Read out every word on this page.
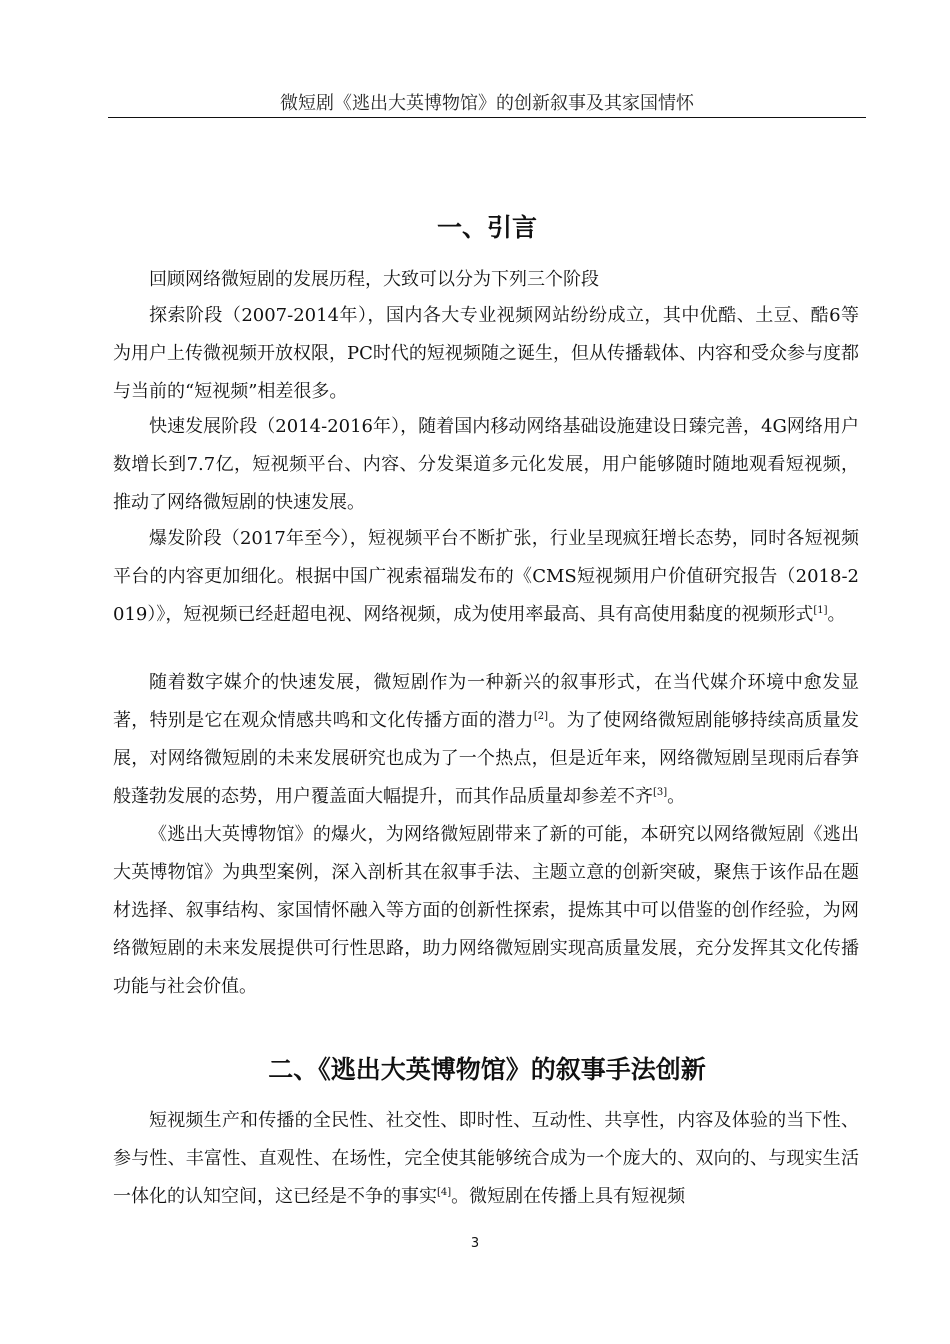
微短剧《逃出大英博物馆》的创新叙事及其家国情怀
一、引言

回顾网络微短剧的发展历程，大致可以分为下列三个阶段

探索阶段（2007-2014年），国内各大专业视频网站纷纷成立，其中优酷、土豆、酷6等为用户上传微视频开放权限，PC时代的短视频随之诞生，但从传播载体、内容和受众参与度都与当前的“短视频”相差很多。

快速发展阶段（2014-2016年），随着国内移动网络基础设施建设日臻完善，4G网络用户数增长到7.7亿，短视频平台、内容、分发渠道多元化发展，用户能够随时随地观看短视频，推动了网络微短剧的快速发展。

爆发阶段（2017年至今），短视频平台不断扩张，行业呈现疯狂增长态势，同时各短视频平台的内容更加细化。根据中国广视索福瑞发布的《CMS短视频用户价值研究报告（2018-2019）》，短视频已经赶超电视、网络视频，成为使用率最高、具有高使用黏度的视频形式[1]。

随着数字媒介的快速发展，微短剧作为一种新兴的叙事形式，在当代媒介环境中愈发显著，特别是它在观众情感共鸣和文化传播方面的潜力[2]。为了使网络微短剧能够持续高质量发展，对网络微短剧的未来发展研究也成为了一个热点，但是近年来，网络微短剧呈现雨后春笋般蓬勃发展的态势，用户覆盖面大幅提升，而其作品质量却参差不齐[3]。

《逃出大英博物馆》的爆火，为网络微短剧带来了新的可能，本研究以网络微短剧《逃出大英博物馆》为典型案例，深入剖析其在叙事手法、主题立意的创新突破，聚焦于该作品在题材选择、叙事结构、家国情怀融入等方面的创新性探索，提炼其中可以借鉴的创作经验，为网络微短剧的未来发展提供可行性思路，助力网络微短剧实现高质量发展，充分发挥其文化传播功能与社会价值。

二、《逃出大英博物馆》的叙事手法创新

短视频生产和传播的全民性、社交性、即时性、互动性、共享性，内容及体验的当下性、参与性、丰富性、直观性、在场性，完全使其能够统合成为一个庞大的、双向的、与现实生活一体化的认知空间，这已经是不争的事实[4]。微短剧在传播上具有短视频

3
